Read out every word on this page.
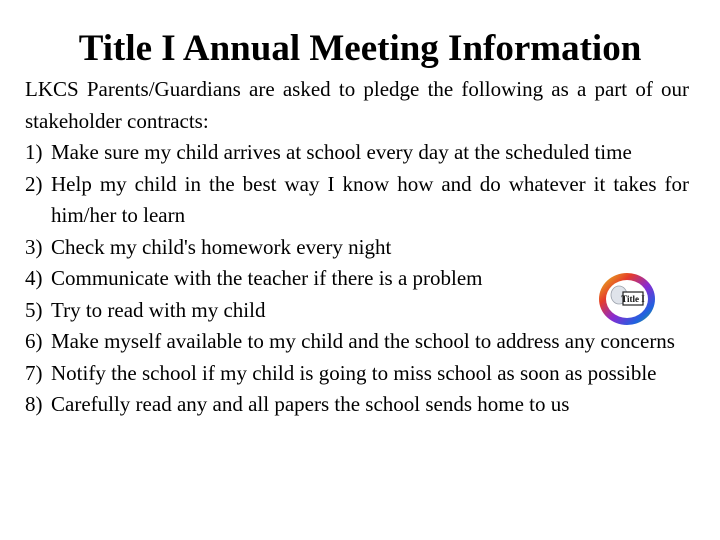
Title I Annual Meeting Information

LKCS Parents/Guardians are asked to pledge the following as a part of our stakeholder contracts:

1) Make sure my child arrives at school every day at the scheduled time
2) Help my child in the best way I know how and do whatever it takes for him/her to learn
3) Check my child's homework every night
4) Communicate with the teacher if there is a problem
5) Try to read with my child
6) Make myself available to my child and the school to address any concerns
7) Notify the school if my child is going to miss school as soon as possible
8) Carefully read any and all papers the school sends home to us
Title I
